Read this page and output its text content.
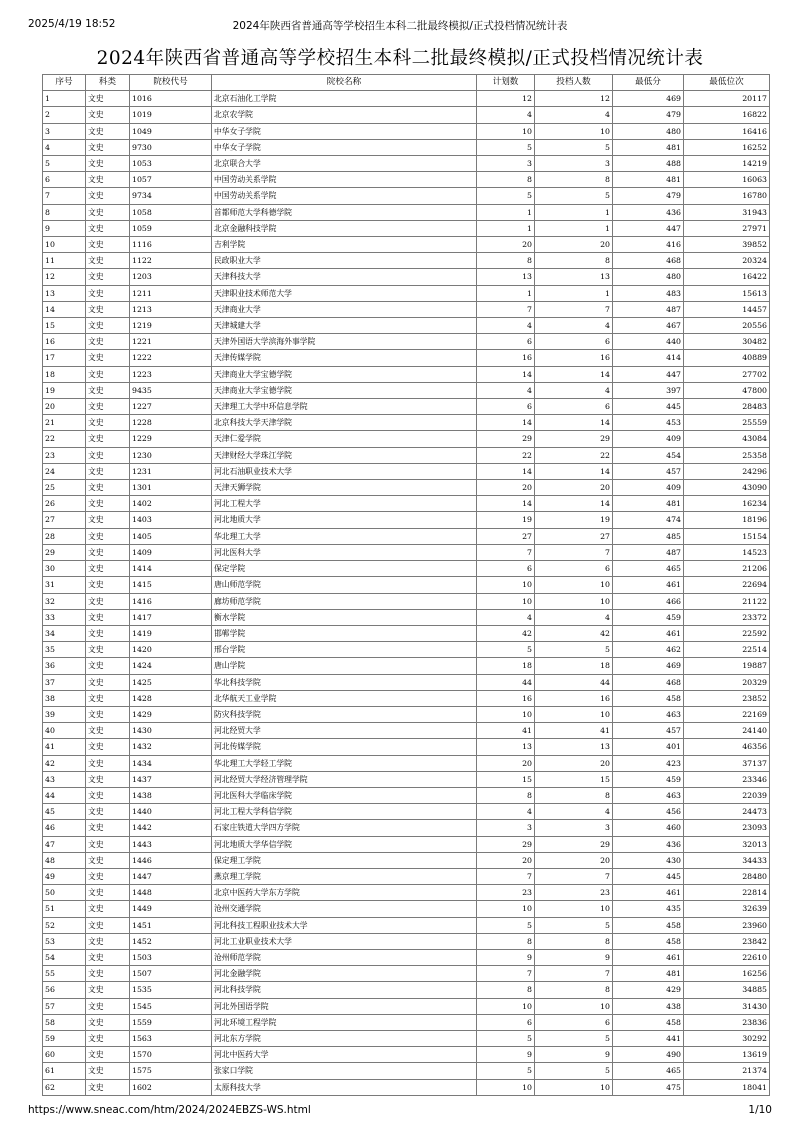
2025/4/19 18:52	2024年陕西省普通高等学校招生本科二批最终模拟/正式投档情况统计表
2024年陕西省普通高等学校招生本科二批最终模拟/正式投档情况统计表
序号	科类	院校代号	院校名称	计划数	投档人数	最低分	最低位次
1	文史	1016	北京石油化工学院	12	12	469	20117
2	文史	1019	北京农学院	4	4	479	16822
3	文史	1049	中华女子学院	10	10	480	16416
4	文史	9730	中华女子学院	5	5	481	16252
5	文史	1053	北京联合大学	3	3	488	14219
6	文史	1057	中国劳动关系学院	8	8	481	16063
7	文史	9734	中国劳动关系学院	5	5	479	16780
8	文史	1058	首都师范大学科德学院	1	1	436	31943
9	文史	1059	北京金融科技学院	1	1	447	27971
10	文史	1116	吉利学院	20	20	416	39852
11	文史	1122	民政职业大学	8	8	468	20324
12	文史	1203	天津科技大学	13	13	480	16422
13	文史	1211	天津职业技术师范大学	1	1	483	15613
14	文史	1213	天津商业大学	7	7	487	14457
15	文史	1219	天津城建大学	4	4	467	20556
16	文史	1221	天津外国语大学滨海外事学院	6	6	440	30482
17	文史	1222	天津传媒学院	16	16	414	40889
18	文史	1223	天津商业大学宝德学院	14	14	447	27702
19	文史	9435	天津商业大学宝德学院	4	4	397	47800
20	文史	1227	天津理工大学中环信息学院	6	6	445	28483
21	文史	1228	北京科技大学天津学院	14	14	453	25559
22	文史	1229	天津仁爱学院	29	29	409	43084
23	文史	1230	天津财经大学珠江学院	22	22	454	25358
24	文史	1231	河北石油职业技术大学	14	14	457	24296
25	文史	1301	天津天狮学院	20	20	409	43090
26	文史	1402	河北工程大学	14	14	481	16234
27	文史	1403	河北地质大学	19	19	474	18196
28	文史	1405	华北理工大学	27	27	485	15154
29	文史	1409	河北医科大学	7	7	487	14523
30	文史	1414	保定学院	6	6	465	21206
31	文史	1415	唐山师范学院	10	10	461	22694
32	文史	1416	廊坊师范学院	10	10	466	21122
33	文史	1417	衡水学院	4	4	459	23372
34	文史	1419	邯郸学院	42	42	461	22592
35	文史	1420	邢台学院	5	5	462	22514
36	文史	1424	唐山学院	18	18	469	19887
37	文史	1425	华北科技学院	44	44	468	20329
38	文史	1428	北华航天工业学院	16	16	458	23852
39	文史	1429	防灾科技学院	10	10	463	22169
40	文史	1430	河北经贸大学	41	41	457	24140
41	文史	1432	河北传媒学院	13	13	401	46356
42	文史	1434	华北理工大学轻工学院	20	20	423	37137
43	文史	1437	河北经贸大学经济管理学院	15	15	459	23346
44	文史	1438	河北医科大学临床学院	8	8	463	22039
45	文史	1440	河北工程大学科信学院	4	4	456	24473
46	文史	1442	石家庄铁道大学四方学院	3	3	460	23093
47	文史	1443	河北地质大学华信学院	29	29	436	32013
48	文史	1446	保定理工学院	20	20	430	34433
49	文史	1447	燕京理工学院	7	7	445	28480
50	文史	1448	北京中医药大学东方学院	23	23	461	22814
51	文史	1449	沧州交通学院	10	10	435	32639
52	文史	1451	河北科技工程职业技术大学	5	5	458	23960
53	文史	1452	河北工业职业技术大学	8	8	458	23842
54	文史	1503	沧州师范学院	9	9	461	22610
55	文史	1507	河北金融学院	7	7	481	16256
56	文史	1535	河北科技学院	8	8	429	34885
57	文史	1545	河北外国语学院	10	10	438	31430
58	文史	1559	河北环境工程学院	6	6	458	23836
59	文史	1563	河北东方学院	5	5	441	30292
60	文史	1570	河北中医药大学	9	9	490	13619
61	文史	1575	张家口学院	5	5	465	21374
62	文史	1602	太原科技大学	10	10	475	18041
https://www.sneac.com/htm/2024/2024EBZS-WS.html	1/10
